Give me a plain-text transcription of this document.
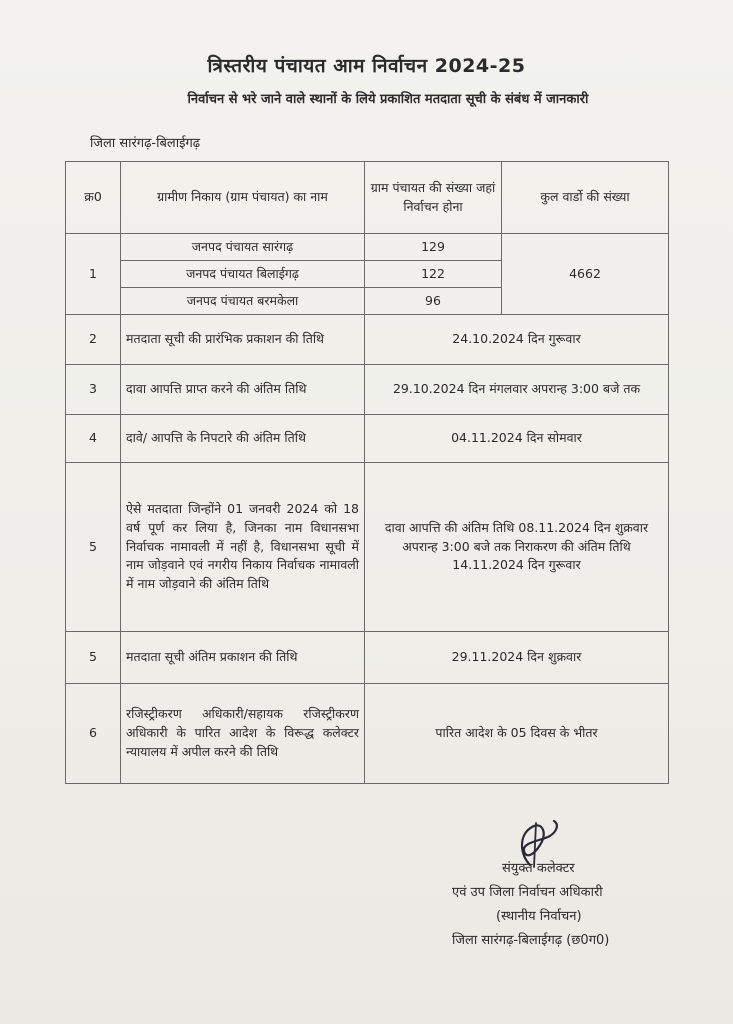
त्रिस्तरीय पंचायत आम निर्वाचन 2024-25
निर्वाचन से भरे जाने वाले स्थानों के लिये प्रकाशित मतदाता सूची के संबंध में जानकारी
जिला सारंगढ़-बिलाईगढ़
क्र0	ग्रामीण निकाय (ग्राम पंचायत) का नाम	ग्राम पंचायत की संख्या जहां निर्वाचन होना	कुल वार्डो की संख्या
1	जनपद पंचायत सारंगढ़	129	4662
	जनपद पंचायत बिलाईगढ़	122	
	जनपद पंचायत बरमकेला	96	
2	मतदाता सूची की प्रारंभिक प्रकाशन की तिथि	24.10.2024 दिन गुरूवार	
3	दावा आपत्ति प्राप्त करने की अंतिम तिथि	29.10.2024 दिन मंगलवार अपरान्ह 3:00 बजे तक	
4	दावे/ आपत्ति के निपटारे की अंतिम तिथि	04.11.2024 दिन सोमवार	
5	ऐसे मतदाता जिन्होंने 01 जनवरी 2024 को 18 वर्ष पूर्ण कर लिया है, जिनका नाम विधानसभा निर्वाचक नामावली में नहीं है, विधानसभा सूची में नाम जोड़वाने एवं नगरीय निकाय निर्वाचक नामावली में नाम जोड़वाने की अंतिम तिथि	दावा आपत्ति की अंतिम तिथि 08.11.2024 दिन शुक्रवार अपरान्ह 3:00 बजे तक निराकरण की अंतिम तिथि 14.11.2024 दिन गुरूवार	
5	मतदाता सूची अंतिम प्रकाशन की तिथि	29.11.2024 दिन शुक्रवार	
6	रजिस्ट्रीकरण अधिकारी/सहायक रजिस्ट्रीकरण अधिकारी के पारित आदेश के विरूद्ध कलेक्टर न्यायालय में अपील करने की तिथि	पारित आदेश के 05 दिवस के भीतर	
संयुक्त कलेक्टर
एवं उप जिला निर्वाचन अधिकारी
(स्थानीय निर्वाचन)
जिला सारंगढ़-बिलाईगढ़ (छ0ग0)
